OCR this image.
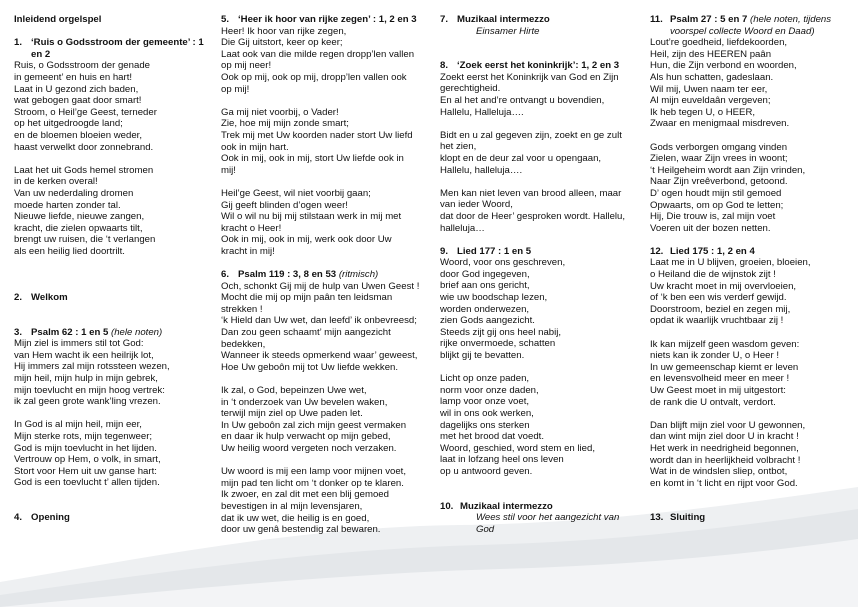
Inleidend orgelspel
1. ‘Ruis o Godsstroom der gemeente’ : 1 en 2
Ruis, o Godsstroom der genade
in gemeent’ en huis en hart!
Laat in U gezond zich baden,
wat gebogen gaat door smart!
Stroom, o Heil’ge Geest, terneder
op het uitgedroogde land;
en de bloemen bloeien weder,
haast verwelkt door zonnebrand.

Laat het uit Gods hemel stromen
in de kerken overal!
Van uw nederdaling dromen
moede harten zonder tal.
Nieuwe liefde, nieuwe zangen,
kracht, die zielen opwaarts tilt,
brengt uw ruisen, die ‘t verlangen
als een heilig lied doortrilt.
2. Welkom
3. Psalm 62 : 1 en 5 (hele noten)
Mijn ziel is immers stil tot God:
van Hem wacht ik een heilrijk lot,
Hij immers zal mijn rotssteen wezen,
mijn heil, mijn hulp in mijn gebrek,
mijn toevlucht en mijn hoog vertrek:
ik zal geen grote wank’ling vrezen.

In God is al mijn heil, mijn eer,
Mijn sterke rots, mijn tegenweer;
God is mijn toevlucht in het lijden.
Vertrouw op Hem, o volk, in smart,
Stort voor Hem uit uw ganse hart:
God is een toevlucht t’ allen tijden.
4. Opening
5. ‘Heer ik hoor van rijke zegen’ : 1, 2 en 3
Heer! Ik hoor van rijke zegen,
Die Gij uitstort, keer op keer;
Laat ook van die milde regen dropp’len vallen
op mij neer!
Ook op mij, ook op mij, dropp’len vallen ook
op mij!

Ga mij niet voorbij, o Vader!
Zie, hoe mij mijn zonde smart;
Trek mij met Uw koorden nader stort Uw liefd
ook in mijn hart.
Ook in mij, ook in mij, stort Uw liefde ook in
mij!

Heil’ge Geest, wil niet voorbij gaan;
Gij geeft blinden d’ogen weer!
Wil o wil nu bij mij stilstaan werk in mij met
kracht o Heer!
Ook in mij, ook in mij, werk ook door Uw
kracht in mij!
6. Psalm 119 : 3, 8 en 53 (ritmisch)
Och, schonkt Gij mij de hulp van Uwen Geest !
Mocht die mij op mijn paân ten leidsman
strekken !
‘k Hield dan Uw wet, dan leefd’ ik onbevreesd;
Dan zou geen schaamt’ mijn aangezicht
bedekken,
Wanneer ik steeds opmerkend waar’ geweest,
Hoe Uw geboôn mij tot Uw liefde wekken.

Ik zal, o God, bepeinzen Uwe wet,
in ‘t onderzoek van Uw bevelen waken,
terwijl mijn ziel op Uwe paden let.
In Uw geboôn zal zich mijn geest vermaken
en daar ik hulp verwacht op mijn gebed,
Uw heilig woord vergeten noch verzaken.

Uw woord is mij een lamp voor mijnen voet,
mijn pad ten licht om ‘t donker op te klaren.
Ik zwoer, en zal dit met een blij gemoed
bevestigen in al mijn levensjaren,
dat ik uw wet, die heilig is en goed,
door uw genâ bestendig zal bewaren.
7. Muzikaal intermezzo
Einsamer Hirte
8. ‘Zoek eerst het koninkrijk’: 1, 2 en 3
Zoekt eerst het Koninkrijk van God en Zijn
gerechtigheid.
En al het and’re ontvangt u bovendien,
Hallelu, Halleluja….

Bidt en u zal gegeven zijn, zoekt en ge zult
het zien,
klopt en de deur zal voor u opengaan,
Hallelu, halleluja….

Men kan niet leven van brood alleen, maar
van ieder Woord,
dat door de Heer’ gesproken wordt. Hallelu,
halleluja…
9. Lied 177 : 1 en 5
Woord, voor ons geschreven,
door God ingegeven,
brief aan ons gericht,
wie uw boodschap lezen,
worden onderwezen,
zien Gods aangezicht.
Steeds zijt gij ons heel nabij,
rijke onvermoede, schatten
blijkt gij te bevatten.

Licht op onze paden,
norm voor onze daden,
lamp voor onze voet,
wil in ons ook werken,
dagelijks ons sterken
met het brood dat voedt.
Woord, geschied, word stem en lied,
laat in lofzang heel ons leven
op u antwoord geven.
10. Muzikaal intermezzo
Wees stil voor het aangezicht van
God
11. Psalm 27 : 5 en 7 (hele noten, tijdens voorspel collecte Woord en Daad)
Lout’re goedheid, liefdekoorden,
Heil, zijn des HEEREN paân
Hun, die Zijn verbond en woorden,
Als hun schatten, gadeslaan.
Wil mij, Uwen naam ter eer,
Al mijn euveldaân vergeven;
Ik heb tegen U, o HEER,
Zwaar en menigmaal misdreven.

Gods verborgen omgang vinden
Zielen, waar Zijn vrees in woont;
‘t Heilgeheim wordt aan Zijn vrinden,
Naar Zijn vreêverbond, getoond.
D’ ogen houdt mijn stil gemoed
Opwaarts, om op God te letten;
Hij, Die trouw is, zal mijn voet
Voeren uit der bozen netten.
12. Lied 175 : 1, 2 en 4
Laat me in U blijven, groeien, bloeien,
o Heiland die de wijnstok zijt !
Uw kracht moet in mij overvloeien,
of ‘k ben een wis verderf gewijd.
Doorstroom, beziel en zegen mij,
opdat ik waarlijk vruchtbaar zij !

Ik kan mijzelf geen wasdom geven:
niets kan ik zonder U, o Heer !
In uw gemeenschap kiemt er leven
en levensvolheid meer en meer !
Uw Geest moet in mij uitgestort:
de rank die U ontvalt, verdort.

Dan blijft mijn ziel voor U gewonnen,
dan wint mijn ziel door U in kracht !
Het werk in needrigheid begonnen,
wordt dan in heerlijkheid volbracht !
Wat in de windslen sliep, ontbot,
en komt in ‘t licht en rijpt voor God.
13. Sluiting
